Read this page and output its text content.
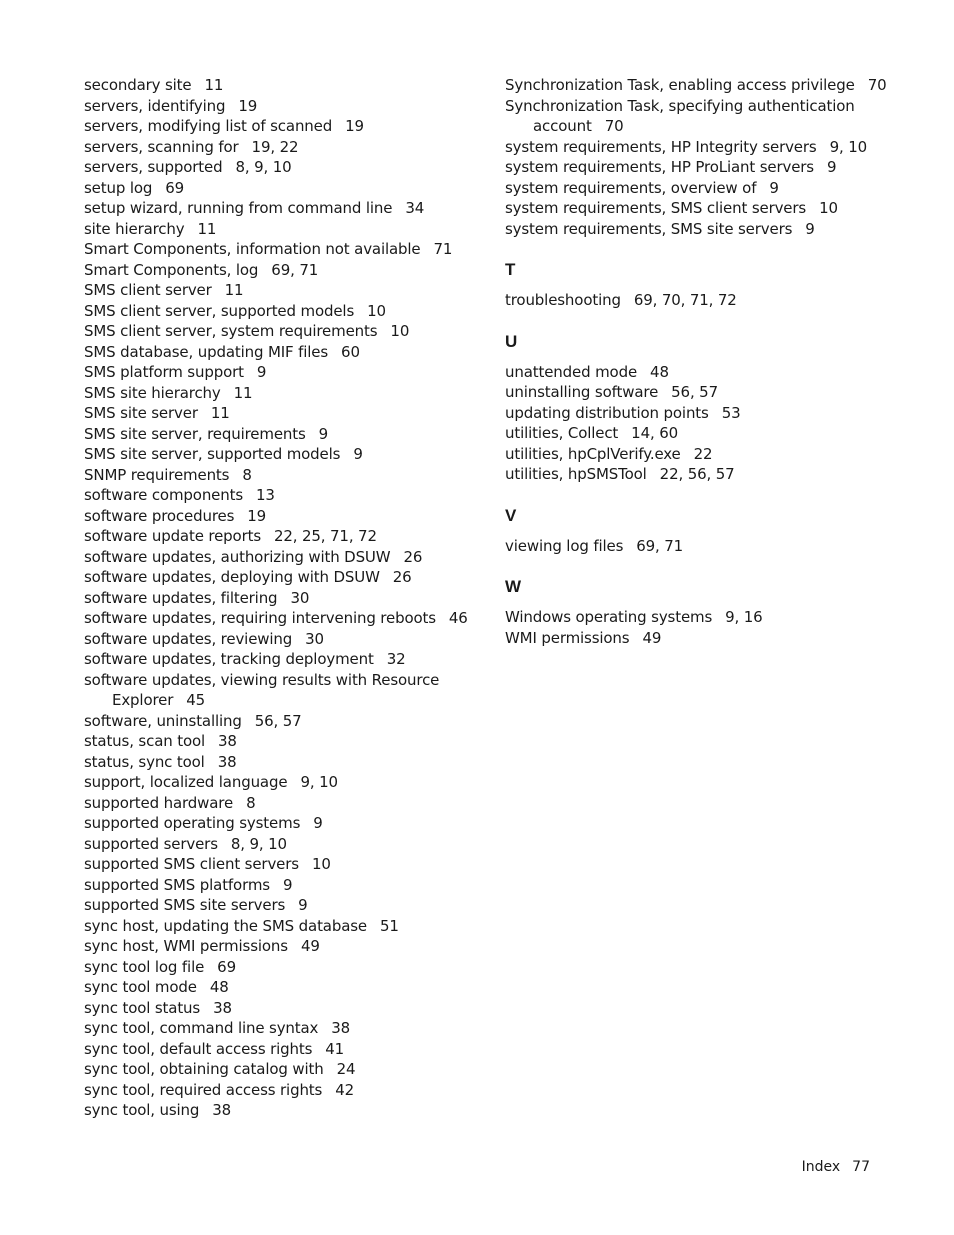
secondary site 11
servers, identifying 19
servers, modifying list of scanned 19
servers, scanning for 19, 22
servers, supported 8, 9, 10
setup log 69
setup wizard, running from command line 34
site hierarchy 11
Smart Components, information not available 71
Smart Components, log 69, 71
SMS client server 11
SMS client server, supported models 10
SMS client server, system requirements 10
SMS database, updating MIF files 60
SMS platform support 9
SMS site hierarchy 11
SMS site server 11
SMS site server, requirements 9
SMS site server, supported models 9
SNMP requirements 8
software components 13
software procedures 19
software update reports 22, 25, 71, 72
software updates, authorizing with DSUW 26
software updates, deploying with DSUW 26
software updates, filtering 30
software updates, requiring intervening reboots 46
software updates, reviewing 30
software updates, tracking deployment 32
software updates, viewing results with Resource
Explorer 45
software, uninstalling 56, 57
status, scan tool 38
status, sync tool 38
support, localized language 9, 10
supported hardware 8
supported operating systems 9
supported servers 8, 9, 10
supported SMS client servers 10
supported SMS platforms 9
supported SMS site servers 9
sync host, updating the SMS database 51
sync host, WMI permissions 49
sync tool log file 69
sync tool mode 48
sync tool status 38
sync tool, command line syntax 38
sync tool, default access rights 41
sync tool, obtaining catalog with 24
sync tool, required access rights 42
sync tool, using 38
Synchronization Task, enabling access privilege 70
Synchronization Task, specifying authentication
account 70
system requirements, HP Integrity servers 9, 10
system requirements, HP ProLiant servers 9
system requirements, overview of 9
system requirements, SMS client servers 10
system requirements, SMS site servers 9
T
troubleshooting 69, 70, 71, 72
U
unattended mode 48
uninstalling software 56, 57
updating distribution points 53
utilities, Collect 14, 60
utilities, hpCplVerify.exe 22
utilities, hpSMSTool 22, 56, 57
V
viewing log files 69, 71
W
Windows operating systems 9, 16
WMI permissions 49
Index 77
